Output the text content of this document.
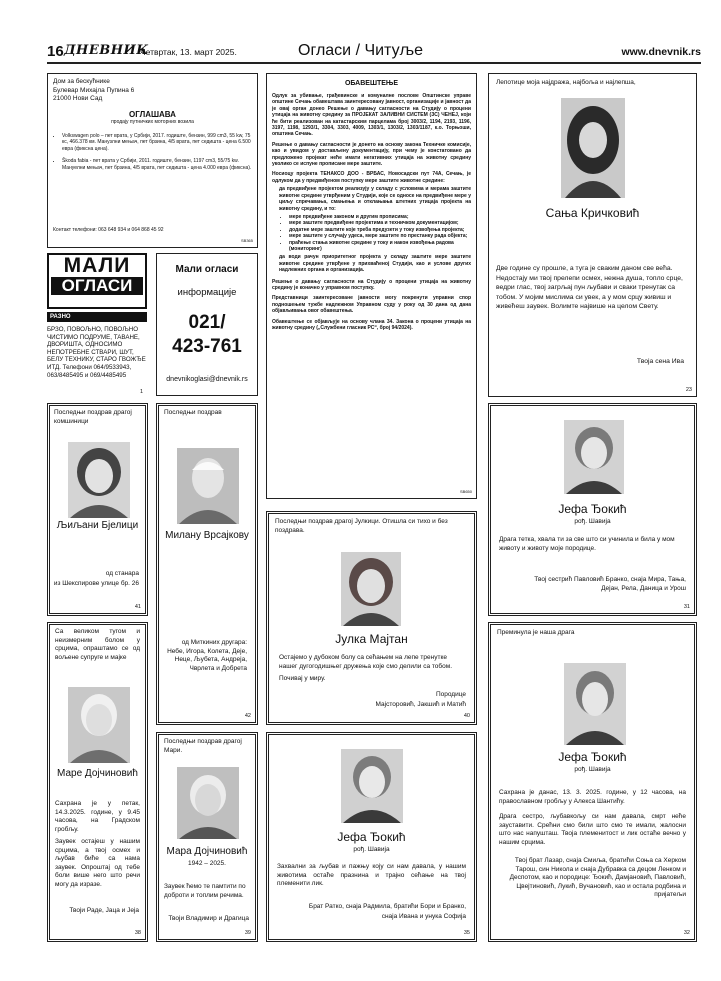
16 ДНЕВНИК
Четвртак, 13. март 2025.	Огласи / Читуље	www.dnevnik.rs
Дом за бескућнике
Булевар Михајла Пупина 6
21000 Нови Сад
ОГЛАШАВА
продају путничких моторних возила
• Volkswagen polo – пет врата, у Србији, 2017. годиште, бензин, 999 cm3, 55 kw, 75 кс, 466.378 км. Манузлни мењач, пет брзина, 4/5 врата, пет седишта - цена 6.500 евра (фиксна цена).
• Škoda fabia - пет врата у Србији, 2011. годиште, бензин, 1197 cm3, 55/75 kw. Мануелни мењач, пет брзина, 4/5 врата, пет седишта - цена 4.000 евра (фиксна).
Контакт телефони: 063 648 934 и 064 868 45 92
SB365
МАЛИ
ОГЛАСИ
РАЗНО
БРЗО, ПОВОЉНО, ПОВОЉНО ЧИСТИМО ПОДРУМЕ, ТАВАНЕ, ДВОРИШТА, ОДНОСИМО НЕПОТРЕБНЕ СТВАРИ, ШУТ, БЕЛУ ТЕХНИКУ, СТАРО ГВОЖЂЕ ИТД. Телефони 064/9533943, 063/8485495 и 069/4485495
1
Мали огласи
информације
021/
423-761
dnevnikoglasi@dnevnik.rs
ОБАВЕШТЕЊЕ
Одлук за убивање, грађевинске и комуналне послове Општинске управе општине Сечањ обавештава заинтересовану јавност, организације и јавност да је овај орган донео Решење о давању сагласности на Студију о процени утицаја на животну средину за ПРОЈЕКАТ ЗАЛИВНИ СИСТЕМ (ЗС) ЧЕНЕЈ, који ће бити реализован на катастарским парцелама број 3003/2, 1194, 2193, 1196, 3197, 1198, 1293/1, 3304, 3303, 4009, 1303/1, 1303/2, 1303/1187, к.о. Торњоши, општина Сечањ.
Решење о давању сагласности је донето на основу закона Техничке комисије, као и увидом у достављену документацију, при чему је констатовано да предложено пројекат неће имати негативних утицаја на животну средину уколико се испуне прописане мере заштите.
Носиоцу пројекта ТЕНАКСО ДОО - ВРБАС, Новосадски пут 74А, Сечањ, је одлуком да у предвиђеном поступку мере заштите животне средине:
да предвиђене пројектом реализују у складу с условима и мерама заштите животне средине утврђеним у Студији, које се односе на предвиђене мере у циљу спречавања, смањења и отклањања штетних утицаја пројекта на животну средину, и то:
• мере предвиђене законом и другим прописима;
• мере заштите предвиђене пројектима и техничком документацијом;
• додатне мере заштите које треба предузети у току извођења пројекта;
• мере заштите у случају удеса, мере заштите по престанку рада објекта;
• праћење стања животне средине у току и након извођења радова (мониторинг)
да води рачун приоритетног пројекта у складу заштите мере заштите животне средине утврђене у прихваћеној Студији, као и услове других надлежних органа и организација.
Решење о давању сагласности на Студију о процени утицаја на животну средину је коначно у управном поступку.
Представници заинтересоване јавности могу покренути управни спор подношењем тужбе надлежном Управном суду у року од 30 дана од дана објављивања овог обавештења.
Обавештење се објављује на основу члана 34. Закона о процени утицаја на животну средину („Службени гласник РС“, број 94/2024).
SB650
Лепотице моја најдража, најбоља и најлепша,
Сања Кричковић
Две године су прошле, а туга је сваким даном све већа. Недостају ми твој прелепи осмех, нежна душа, топло срце, ведри глас, твој загрљај пун љубави и сваки тренутак са тобом. У мојим мислима си увек, а у мом срцу живиш и живећеш заувек. Волимте највише на целом Свету.
Твоја сена Ива
23
Последњи поздрав драгој комшиници
Љиљани Бјелици
од станара
из Шекспирове улице бр. 26
41
Последњи поздрав
Милану Врсајкову
од Миткиних другара: Небе, Игора, Колета, Деје, Неце, Љубета, Андреја, Чврлета и Добрета
42
Последњи поздрав драгој Јулкици. Отишла си тихо и без поздрава.
Јулка Мајтан
Остајемо у дубоком болу са сећањем на лепе тренутке нашег дугогодишњег дружења које смо делили са тобом.
Почивај у миру.
Породице
Мајсторовић, Јакшић и Матић
40
Јефа Ђокић
рођ. Шавија
Драга тетка, хвала ти за све што си учинила и била у мом животу и животу моје породице.
Твој сестрић Павловић Бранко, снаја Мира, Тања, Дејан, Рела, Даница и Урош
31
Са великом тугом и неизмерним болом у срцима, опраштамо се од вољене супруге и мајке
Маре Дојчиновић
Сахрана је у петак, 14.3.2025. године, у 9.45 часова, на Градском гробљу.
Заувек остајеш у нашим срцима, а твој осмех и љубав биће са нама заувек. Опроштај од тебе боли више него што речи могу да изразе.
Твоји Раде, Јаца и Јеја
38
Последњи поздрав драгој Мари.
Мара Дојчиновић
1942 – 2025.
Заувек ћемо те памтити по доброти и топлим речима.
Твоји Владимир и Драгица
39
Јефа Ђокић
рођ. Шавија
Захвални за љубав и пажњу коју си нам давала, у нашим животима остаће празнина и трајно сећање на твој племенити лик.
Брат Ратко, снаја Радмила, братићи Бори и Бранко,
снаја Ивана и унука Софија
35
Преминула је наша драга
Јефа Ђокић
рођ. Шавија
Сахрана је данас, 13. 3. 2025. године, у 12 часова, на православном гробљу у Алекса Шантићу.
Драга сестро, љубавкољу си нам давала, смрт неће зауставити. Срећни смо били што смо те имали, жалосни што нас напушташ. Твоја племенитост и лик остаће вечно у нашим срцима.
Твој брат Лазар, снаја Смиља, братићи Соња са Херком Тарош, син Никола и снаја Дубравка са децом Ленком и Деспотом, као и породице: Ђокић, Дамјановић, Павловић, Цвејтиновић, Лукић, Вучановић, као и остала родбина и пријатељи
32
